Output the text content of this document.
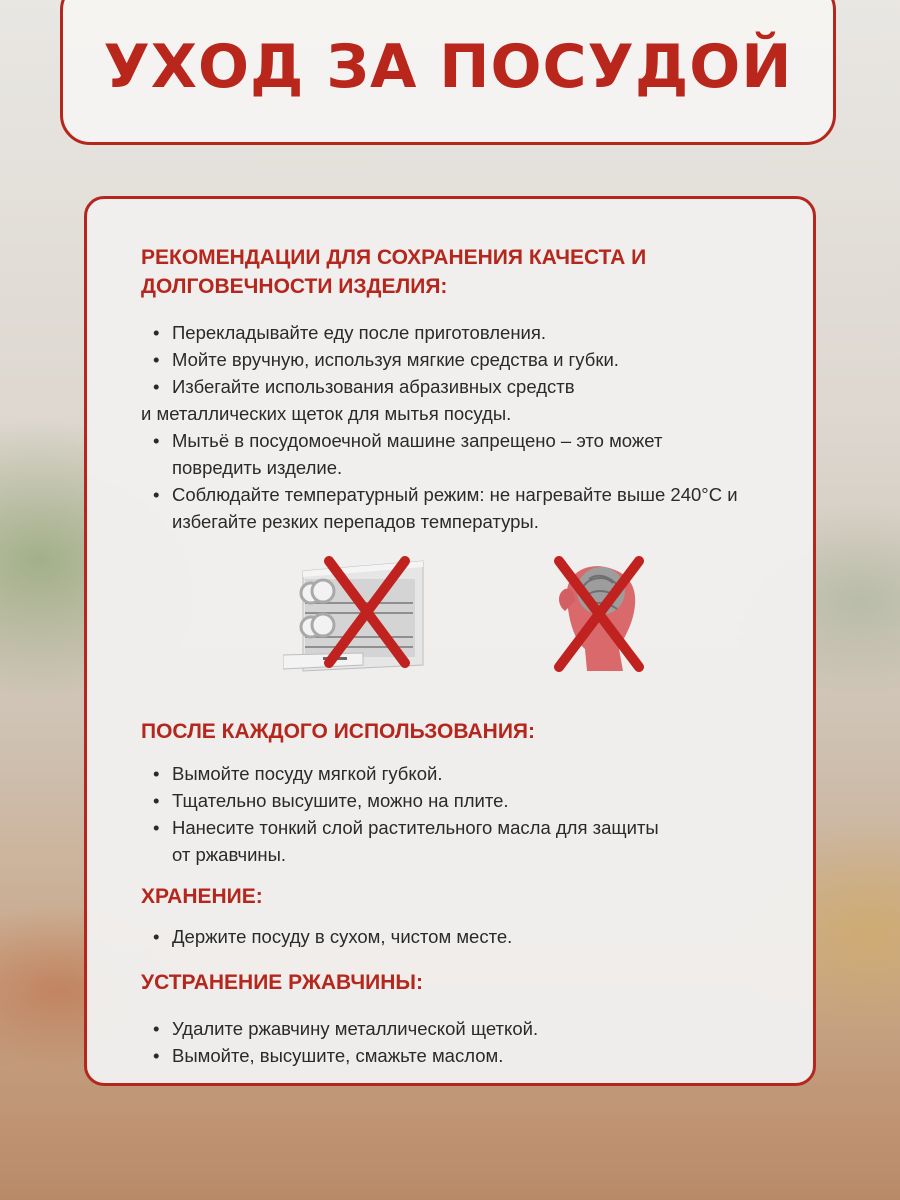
УХОД ЗА ПОСУДОЙ
РЕКОМЕНДАЦИИ ДЛЯ СОХРАНЕНИЯ КАЧЕСТА И ДОЛГОВЕЧНОСТИ ИЗДЕЛИЯ:
• Перекладывайте еду после приготовления.
• Мойте вручную, используя мягкие средства и губки.
• Избегайте использования абразивных средств
и металлических щеток для мытья посуды.
• Мытьё в посудомоечной машине запрещено – это может повредить изделие.
• Соблюдайте температурный режим: не нагревайте выше 240°C и избегайте резких перепадов температуры.
ПОСЛЕ КАЖДОГО ИСПОЛЬЗОВАНИЯ:
• Вымойте посуду мягкой губкой.
• Тщательно высушите, можно на плите.
• Нанесите тонкий слой растительного масла для защиты от ржавчины.
ХРАНЕНИЕ:
• Держите посуду в сухом, чистом месте.
УСТРАНЕНИЕ РЖАВЧИНЫ:
• Удалите ржавчину металлической щеткой.
• Вымойте, высушите, смажьте маслом.
